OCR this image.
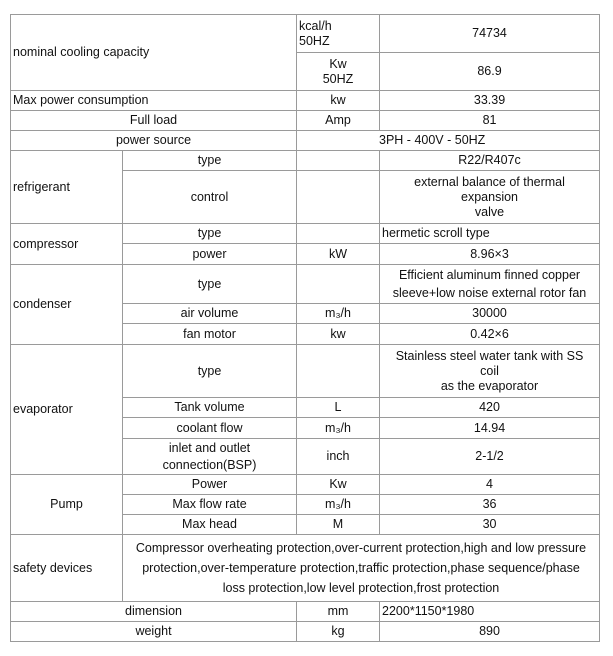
nominal cooling capacity		kcal/h
50HZ	74734

		Kw
50HZ	86.9
Max power consumption		kw	33.39
Full load		Amp	81
power source		3PH - 400V - 50HZ	
refrigerant	type		R22/R407c
	control		external balance of thermal
expansion
valve

compressor	type		hermetic scroll type
	power	kW	8.96×3
condenser	type		Efficient aluminum finned copper
sleeve+low noise external rotor fan

	air volume	m₃/h	30000
	fan motor	kw	0.42×6
evaporator	type		Stainless steel water tank with SS
coil
as the evaporator

	Tank volume	L	420
	coolant flow	m₃/h	14.94

	inlet and outlet
connection(BSP)	inch	2-1/2
Pump	Power	Kw	4
	Max flow rate	m₃/h	36
	Max head	M	30
safety devices	Compressor overheating protection,over-current protection,high and low pressure
protection,over-temperature protection,traffic protection,phase sequence/phase
loss protection,low level protection,frost protection		

dimension		mm	2200*1150*1980
weight		kg	890
